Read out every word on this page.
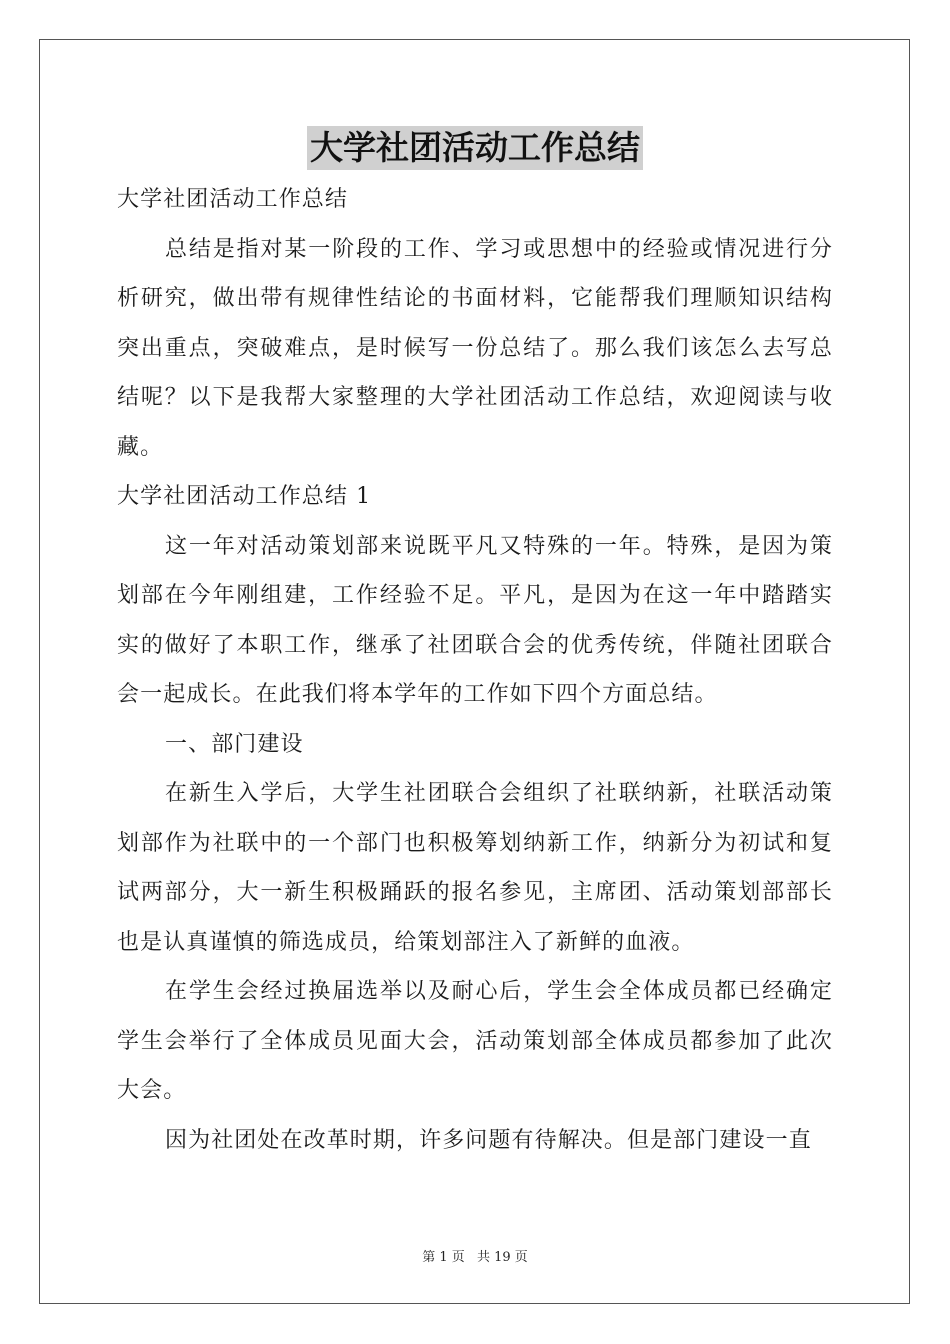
大学社团活动工作总结

大学社团活动工作总结

总结是指对某一阶段的工作、学习或思想中的经验或情况进行分析研究，做出带有规律性结论的书面材料，它能帮我们理顺知识结构突出重点，突破难点，是时候写一份总结了。那么我们该怎么去写总结呢？以下是我帮大家整理的大学社团活动工作总结，欢迎阅读与收藏。

大学社团活动工作总结 1

这一年对活动策划部来说既平凡又特殊的一年。特殊，是因为策划部在今年刚组建，工作经验不足。平凡，是因为在这一年中踏踏实实的做好了本职工作，继承了社团联合会的优秀传统，伴随社团联合会一起成长。在此我们将本学年的工作如下四个方面总结。

一、部门建设

在新生入学后，大学生社团联合会组织了社联纳新，社联活动策划部作为社联中的一个部门也积极筹划纳新工作，纳新分为初试和复试两部分，大一新生积极踊跃的报名参见，主席团、活动策划部部长也是认真谨慎的筛选成员，给策划部注入了新鲜的血液。

在学生会经过换届选举以及耐心后，学生会全体成员都已经确定学生会举行了全体成员见面大会，活动策划部全体成员都参加了此次大会。

因为社团处在改革时期，许多问题有待解决。但是部门建设一直

第 1 页 共 19 页
